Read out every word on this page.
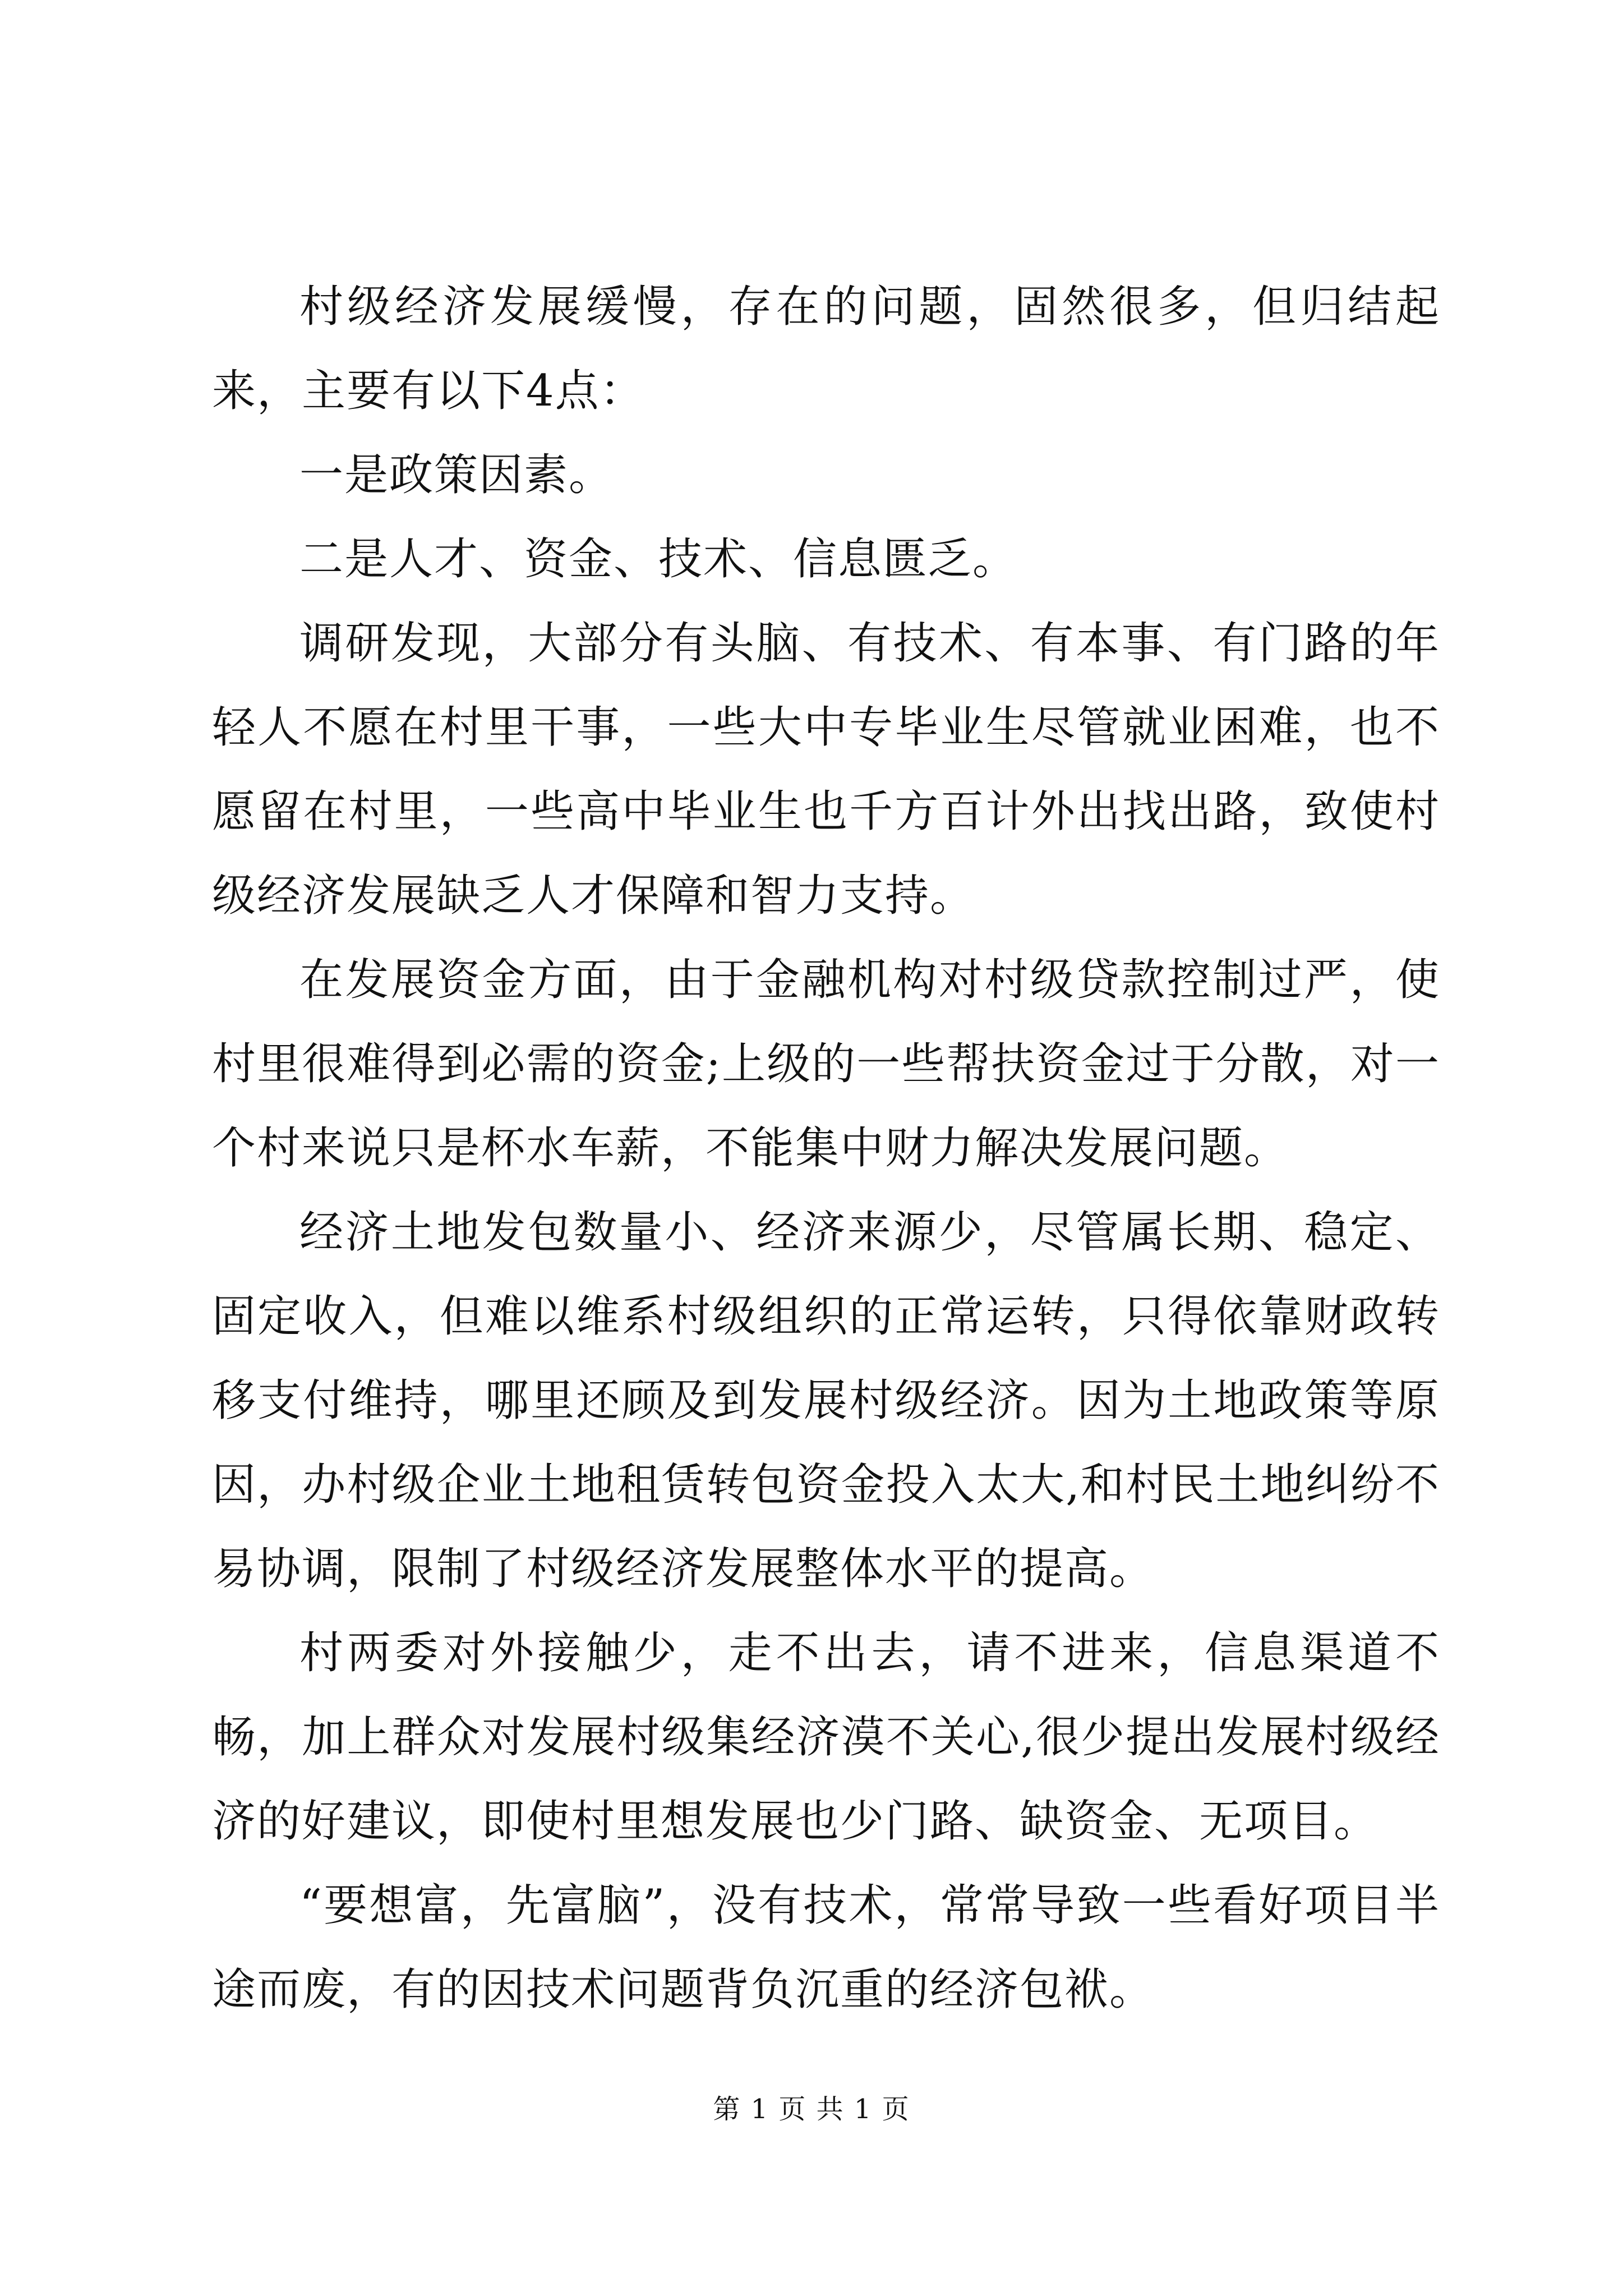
村级经济发展缓慢，存在的问题，固然很多，但归结起来，主要有以下4点：

一是政策因素。

二是人才、资金、技术、信息匮乏。

调研发现，大部分有头脑、有技术、有本事、有门路的年轻人不愿在村里干事，一些大中专毕业生尽管就业困难，也不愿留在村里，一些高中毕业生也千方百计外出找出路，致使村级经济发展缺乏人才保障和智力支持。

在发展资金方面，由于金融机构对村级贷款控制过严，使村里很难得到必需的资金;上级的一些帮扶资金过于分散，对一个村来说只是杯水车薪，不能集中财力解决发展问题。

经济土地发包数量小、经济来源少，尽管属长期、稳定、固定收入，但难以维系村级组织的正常运转，只得依靠财政转移支付维持，哪里还顾及到发展村级经济。因为土地政策等原因，办村级企业土地租赁转包资金投入太大,和村民土地纠纷不易协调，限制了村级经济发展整体水平的提高。

村两委对外接触少，走不出去，请不进来，信息渠道不畅，加上群众对发展村级集经济漠不关心,很少提出发展村级经济的好建议，即使村里想发展也少门路、缺资金、无项目。

“要想富，先富脑”，没有技术，常常导致一些看好项目半途而废，有的因技术问题背负沉重的经济包袱。

第 1 页 共 1 页
